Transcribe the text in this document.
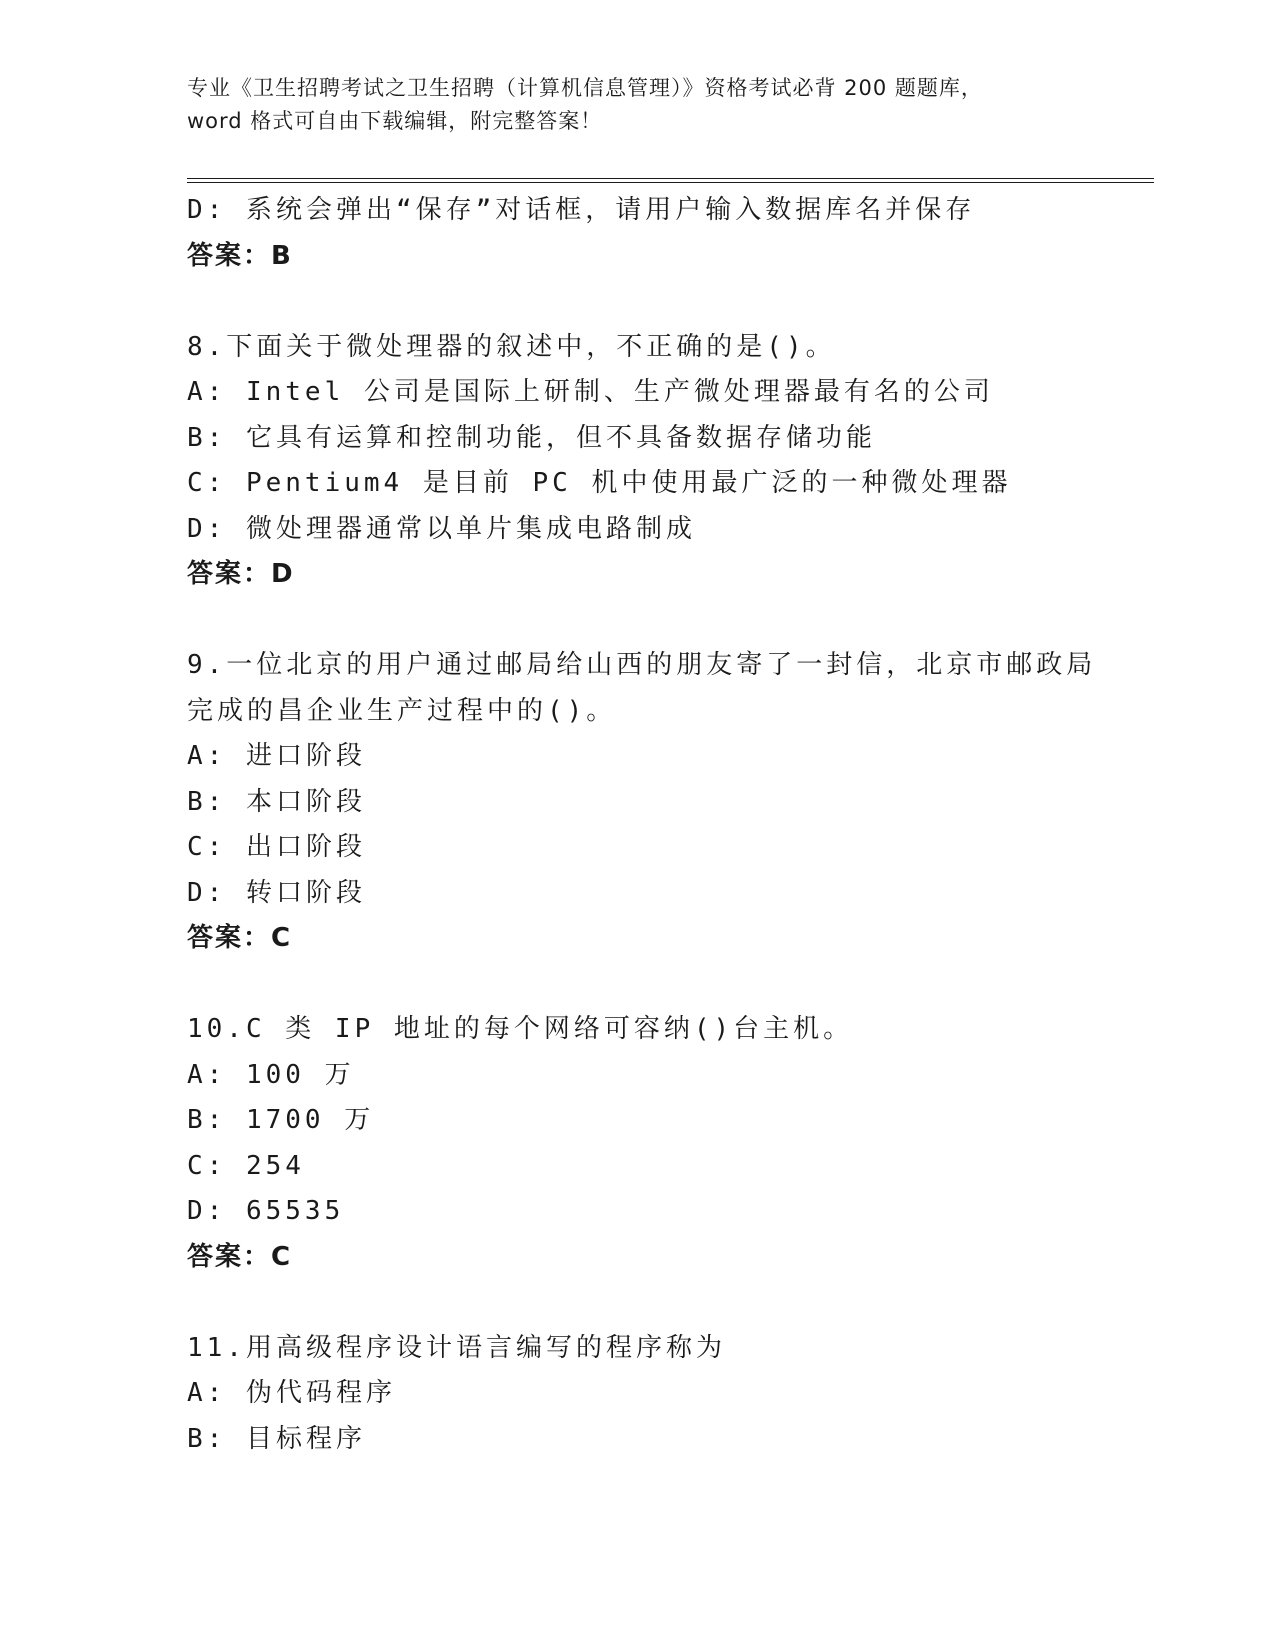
专业《卫生招聘考试之卫生招聘（计算机信息管理）》资格考试必背 200 题题库，
word 格式可自由下载编辑，附完整答案！
D: 系统会弹出“保存”对话框，请用户输入数据库名并保存
答案：B
8.下面关于微处理器的叙述中，不正确的是()。
A: Intel 公司是国际上研制、生产微处理器最有名的公司
B: 它具有运算和控制功能，但不具备数据存储功能
C: Pentium4 是目前 PC 机中使用最广泛的一种微处理器
D: 微处理器通常以单片集成电路制成
答案：D
9.一位北京的用户通过邮局给山西的朋友寄了一封信，北京市邮政局
完成的昌企业生产过程中的()。
A: 进口阶段
B: 本口阶段
C: 出口阶段
D: 转口阶段
答案：C
10.C 类 IP 地址的每个网络可容纳()台主机。
A: 100 万
B: 1700 万
C: 254
D: 65535
答案：C
11.用高级程序设计语言编写的程序称为
A: 伪代码程序
B: 目标程序
